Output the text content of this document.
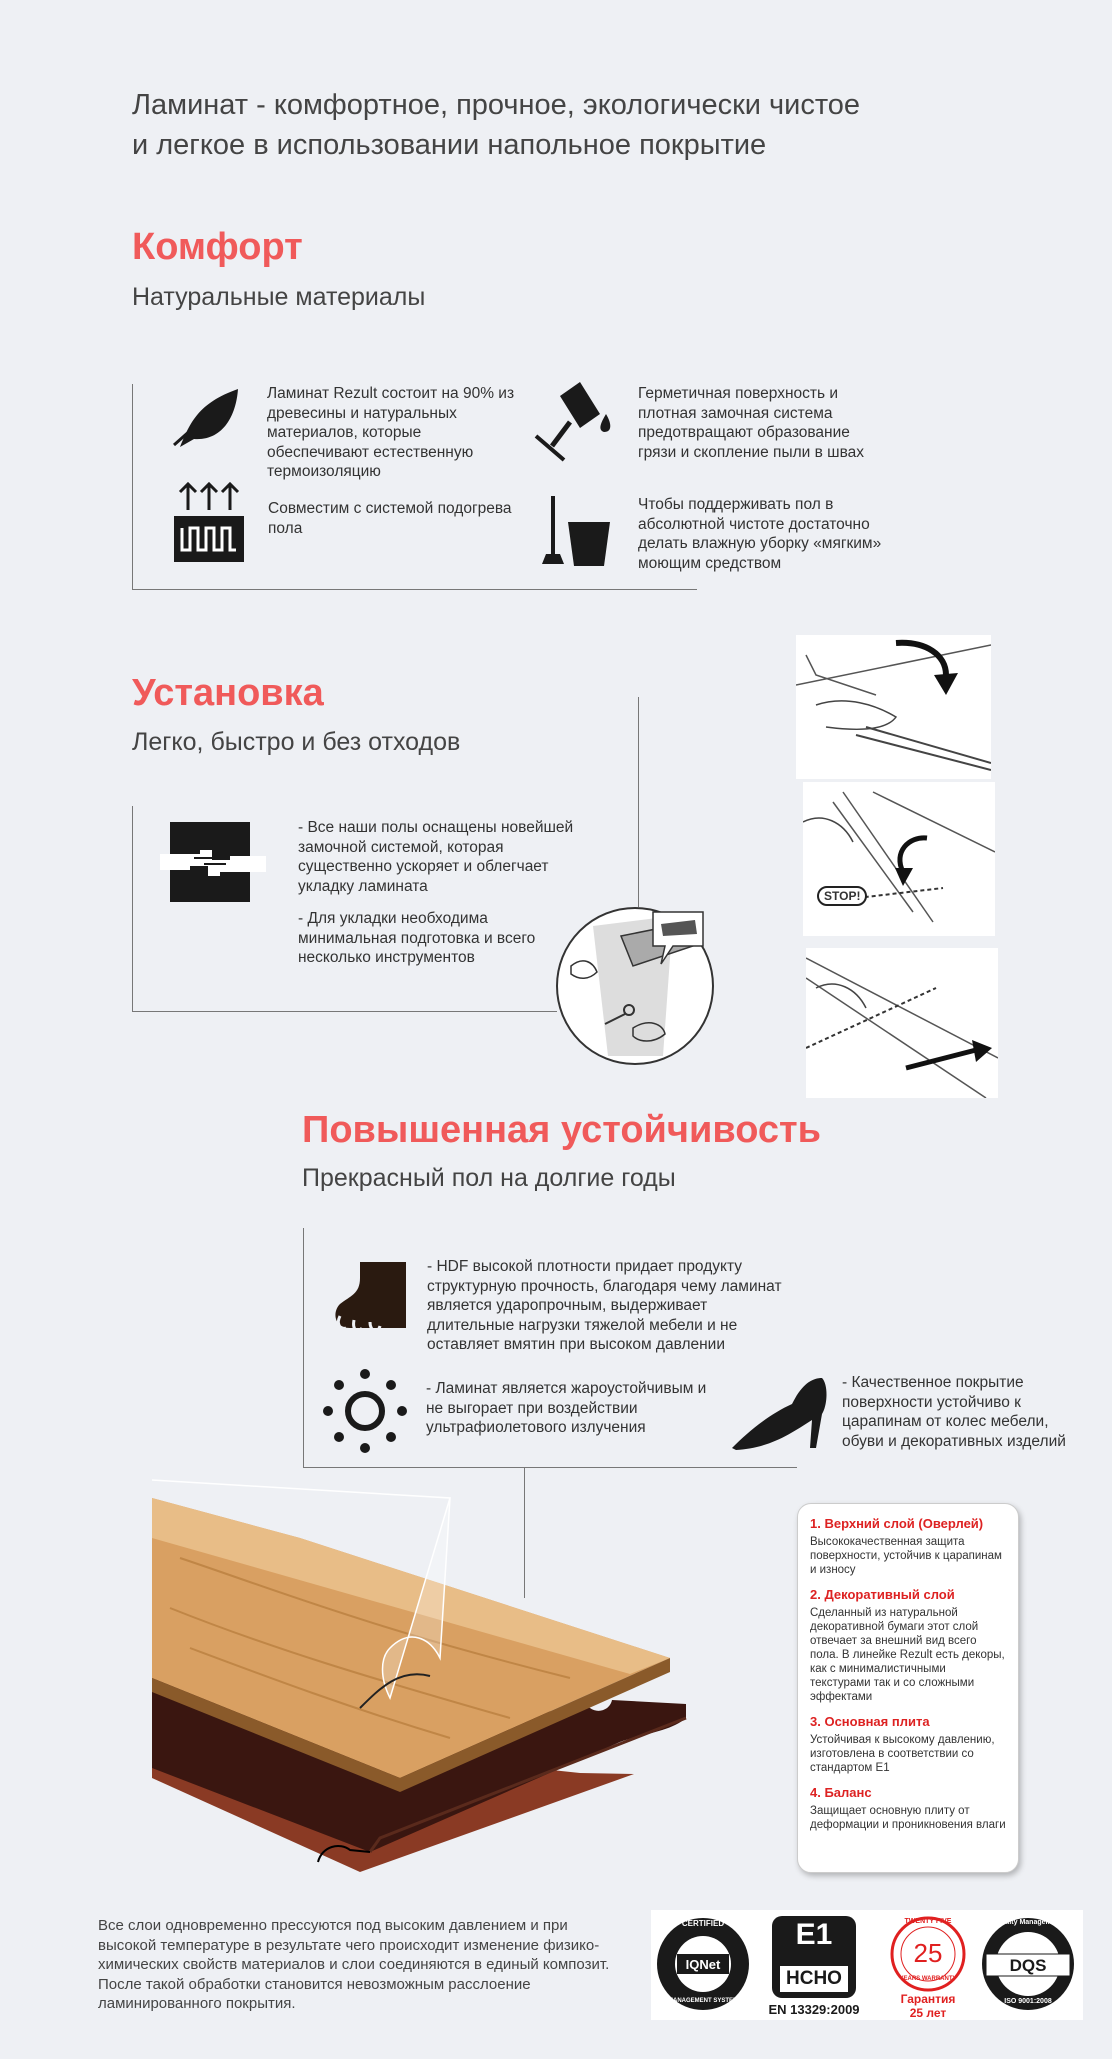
Ламинат - комфортное, прочное, экологически чистое
и легкое в использовании напольное покрытие
Комфорт
Натуральные материалы
Ламинат Rezult состоит на 90% из древесины и натуральных материалов, которые обеспечивают естественную термоизоляцию
Герметичная поверхность и плотная замочная система предотвращают образование грязи и скопление пыли в швах
Совместим с системой подогрева пола
Чтобы поддерживать пол в абсолютной чистоте достаточно делать влажную уборку «мягким» моющим средством
Установка
Легко, быстро и без отходов
- Все наши полы оснащены новейшей замочной системой, которая существенно ускоряет и облегчает укладку ламината
- Для укладки необходима минимальная подготовка и всего несколько инструментов
STOP!
Повышенная устойчивость
Прекрасный пол на долгие годы
- HDF высокой плотности придает продукту структурную прочность, благодаря чему ламинат является ударопрочным, выдерживает длительные нагрузки тяжелой мебели и не оставляет вмятин при высоком давлении
- Ламинат является жароустойчивым и не выгорает при воздействии ультрафиолетового излучения
- Качественное покрытие поверхности устойчиво к царапинам от колес мебели, обуви и декоративных изделий
1. Верхний слой (Оверлей)
Высококачественная защита поверхности, устойчив к царапинам и износу
2. Декоративный слой
Сделанный из натуральной декоративной бумаги этот слой отвечает за внешний вид всего пола. В линейке Rezult есть декоры, как с минималистичными текстурами так и со сложными эффектами
3. Основная плита
Устойчивая к высокому давлению, изготовлена в соответствии со стандартом E1
4. Баланс
Защищает основную плиту от деформации и проникновения влаги
Все слои одновременно прессуются под высоким давлением и при высокой температуре в результате чего происходит изменение физико-химических свойств материалов и слои соединяются в единый композит. После такой обработки становится невозможным расслоение ламинированного покрытия.
CERTIFIED
IQNet
MANAGEMENT SYSTEM
E1
HCHO
EN 13329:2009
TWENTY FIVE
25
YEARS WARRANTY
Гарантия
25 лет
Quality Management
DQS
ISO 9001:2008
